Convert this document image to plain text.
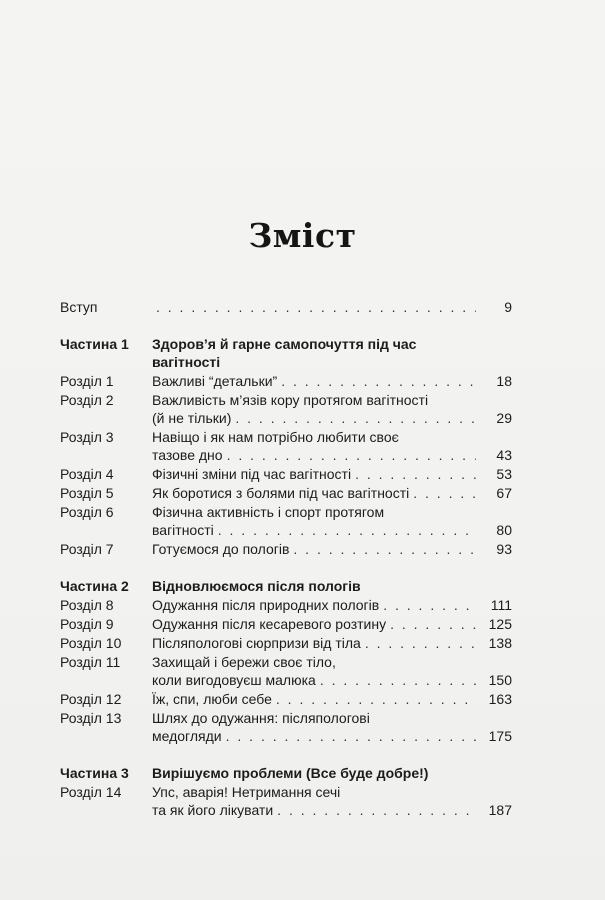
Зміст
Вступ . . .	9
Частина 1	Здоров’я й гарне самопочуття під час
вагітності
Розділ 1	Важливі “детальки” . . .	18
Розділ 2	Важливість м’язів кору протягом вагітності
(й не тільки) . . .	29
Розділ 3	Навіщо і як нам потрібно любити своє
тазове дно . . .	43
Розділ 4	Фізичні зміни під час вагітності . . .	53
Розділ 5	Як боротися з болями під час вагітності . . .	67
Розділ 6	Фізична активність і спорт протягом
вагітності . . .	80
Розділ 7	Готуємося до пологів . . .	93
Частина 2	Відновлюємося після пологів
Розділ 8	Одужання після природних пологів . . .	111
Розділ 9	Одужання після кесаревого розтину . . .	125
Розділ 10	Післяпологові сюрпризи від тіла . . .	138
Розділ 11	Захищай і бережи своє тіло,
коли вигодовуєш малюка . . .	150
Розділ 12	Їж, спи, люби себе . . .	163
Розділ 13	Шлях до одужання: післяпологові
медогляди . . .	175
Частина 3	Вирішуємо проблеми (Все буде добре!)
Розділ 14	Упс, аварія! Нетримання сечі
та як його лікувати . . .	187
